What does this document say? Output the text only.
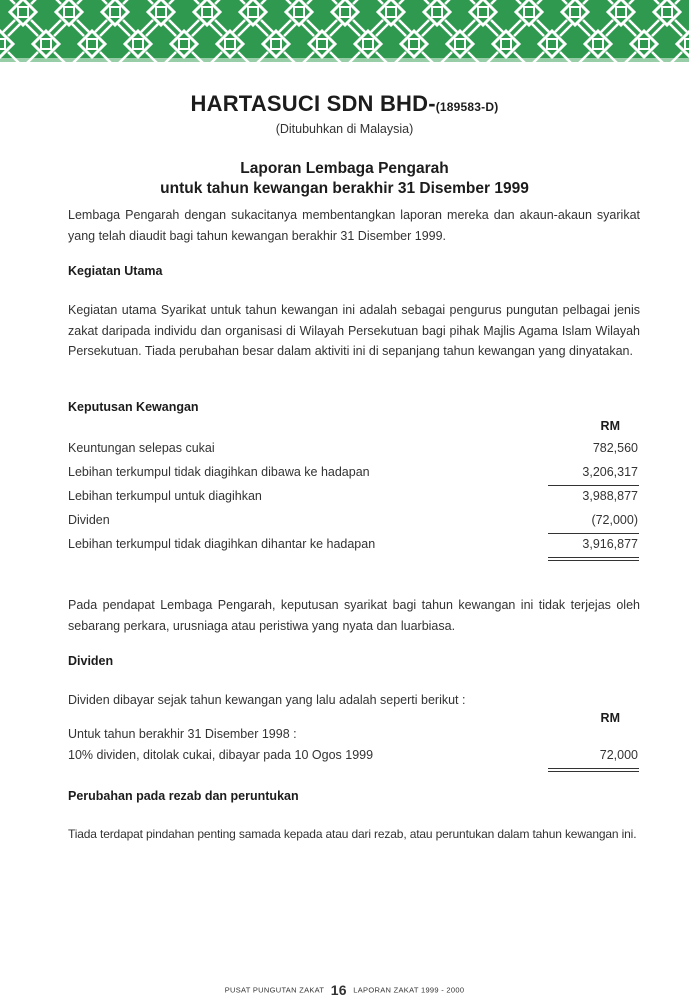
HARTASUCI SDN BHD-(189583-D)
(Ditubuhkan di Malaysia)
Laporan Lembaga Pengarah
untuk tahun kewangan berakhir 31 Disember 1999
Lembaga Pengarah dengan sukacitanya membentangkan laporan mereka dan akaun-akaun syarikat yang telah diaudit bagi tahun kewangan berakhir 31 Disember 1999.
Kegiatan Utama
Kegiatan utama Syarikat untuk tahun kewangan ini adalah sebagai pengurus pungutan pelbagai jenis zakat daripada individu dan organisasi di Wilayah Persekutuan bagi pihak Majlis Agama Islam Wilayah Persekutuan. Tiada perubahan besar dalam aktiviti ini di sepanjang tahun kewangan yang dinyatakan.
Keputusan Kewangan
RM
Keuntungan selepas cukai	782,560
Lebihan terkumpul tidak diagihkan dibawa ke hadapan	3,206,317
Lebihan terkumpul untuk diagihkan	3,988,877
Dividen	(72,000)
Lebihan terkumpul tidak diagihkan dihantar ke hadapan	3,916,877
Pada pendapat Lembaga Pengarah, keputusan syarikat bagi tahun kewangan ini tidak terjejas oleh sebarang perkara, urusniaga atau peristiwa yang nyata dan luarbiasa.
Dividen
Dividen dibayar sejak tahun kewangan yang lalu adalah seperti berikut :
RM
Untuk tahun berakhir 31 Disember 1998 :
10% dividen, ditolak cukai, dibayar pada 10 Ogos 1999	72,000
Perubahan pada rezab dan peruntukan
Tiada terdapat pindahan penting samada kepada atau dari rezab, atau peruntukan dalam tahun kewangan ini.
PUSAT PUNGUTAN ZAKAT 16 LAPORAN ZAKAT 1999 - 2000
